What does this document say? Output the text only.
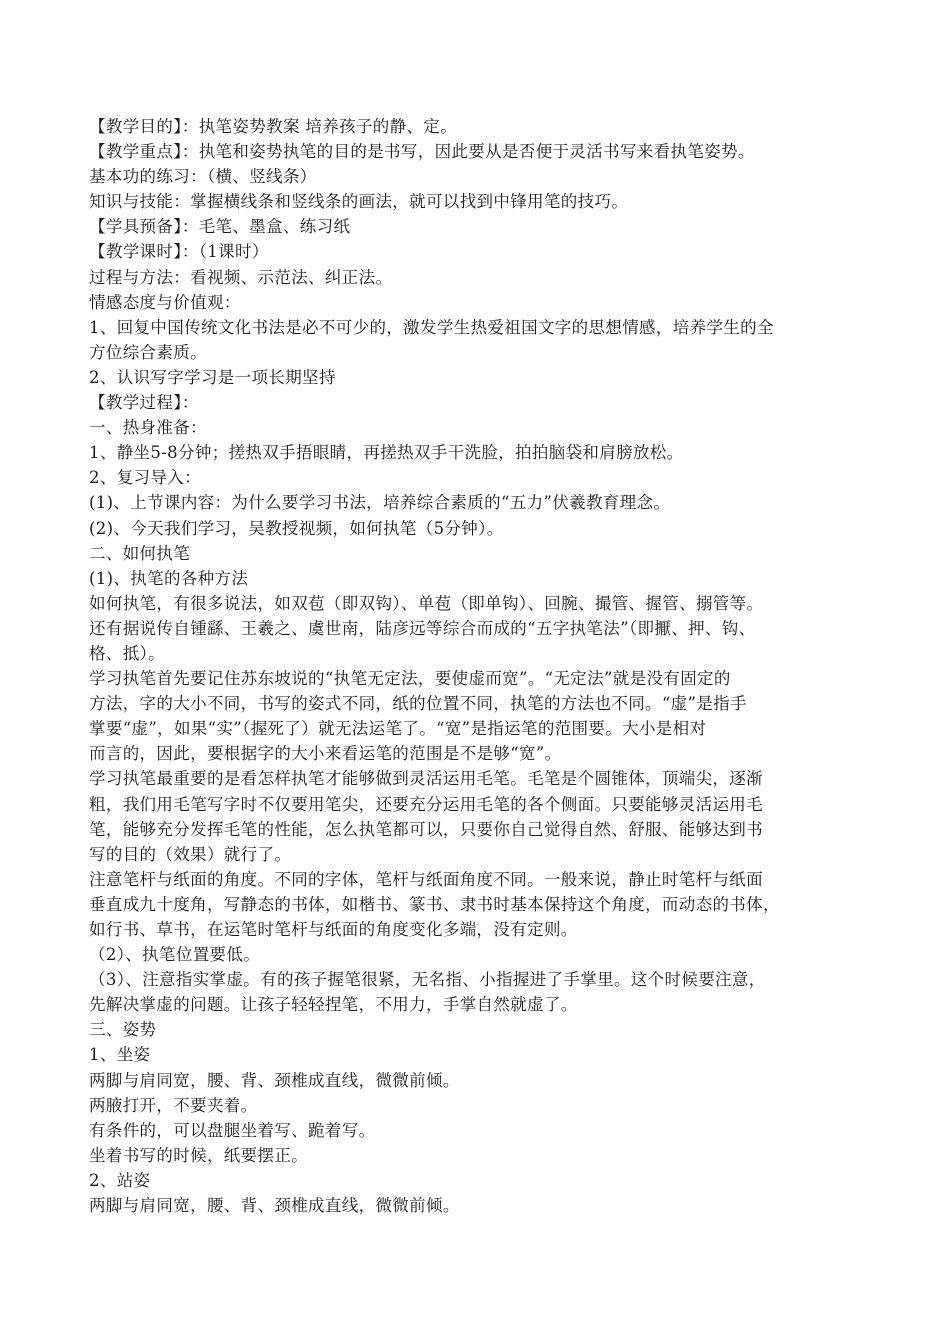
【教学目的】：执笔姿势教案 培养孩子的静、定。
【教学重点】：执笔和姿势执笔的目的是书写，因此要从是否便于灵活书写来看执笔姿势。
基本功的练习：（横、竖线条）
知识与技能：掌握横线条和竖线条的画法，就可以找到中锋用笔的技巧。
【学具预备】：毛笔、墨盒、练习纸
【教学课时】：（1课时）
过程与方法：看视频、示范法、纠正法。
情感态度与价值观：
1、回复中国传统文化书法是必不可少的，激发学生热爱祖国文字的思想情感，培养学生的全
方位综合素质。
2、认识写字学习是一项长期坚持
【教学过程】：
一、热身准备：
1、静坐5-8分钟；搓热双手捂眼睛，再搓热双手干洗脸，拍拍脑袋和肩膀放松。
2、复习导入：
(1)、上节课内容：为什么要学习书法，培养综合素质的“五力”伏羲教育理念。
(2)、今天我们学习，吴教授视频，如何执笔（5分钟）。
二、如何执笔
(1)、执笔的各种方法
如何执笔，有很多说法，如双苞（即双钩）、单苞（即单钩）、回腕、撮管、握管、搦管等。
还有据说传自锺繇、王羲之、虞世南，陆彦远等综合而成的“五字执笔法”（即擫、押、钩、
格、抵）。
学习执笔首先要记住苏东坡说的“执笔无定法，要使虚而宽”。“无定法”就是没有固定的
方法，字的大小不同，书写的姿式不同，纸的位置不同，执笔的方法也不同。“虚”是指手
掌要“虚”，如果“实”（握死了）就无法运笔了。“宽”是指运笔的范围要。大小是相对
而言的，因此，要根据字的大小来看运笔的范围是不是够“宽”。
学习执笔最重要的是看怎样执笔才能够做到灵活运用毛笔。毛笔是个圆锥体，顶端尖，逐渐
粗，我们用毛笔写字时不仅要用笔尖，还要充分运用毛笔的各个侧面。只要能够灵活运用毛
笔，能够充分发挥毛笔的性能，怎么执笔都可以，只要你自己觉得自然、舒服、能够达到书
写的目的（效果）就行了。
注意笔杆与纸面的角度。不同的字体，笔杆与纸面角度不同。一般来说，静止时笔杆与纸面
垂直成九十度角，写静态的书体，如楷书、篆书、隶书时基本保持这个角度，而动态的书体，
如行书、草书，在运笔时笔杆与纸面的角度变化多端，没有定则。
（2）、执笔位置要低。
（3）、注意指实掌虚。有的孩子握笔很紧，无名指、小指握进了手掌里。这个时候要注意，
先解决掌虚的问题。让孩子轻轻捏笔，不用力，手掌自然就虚了。
三、姿势
1、坐姿
两脚与肩同宽，腰、背、颈椎成直线，微微前倾。
两腋打开，不要夹着。
有条件的，可以盘腿坐着写、跪着写。
坐着书写的时候，纸要摆正。
2、站姿
两脚与肩同宽，腰、背、颈椎成直线，微微前倾。
